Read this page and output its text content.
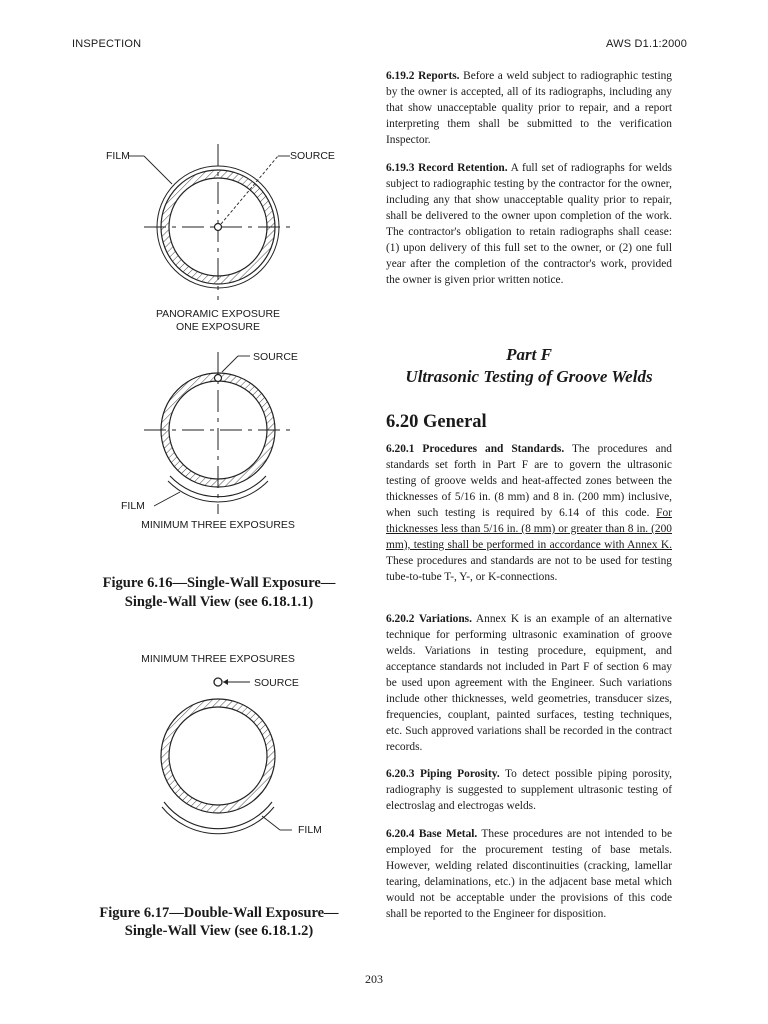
INSPECTION	AWS D1.1:2000
FILM	SOURCE
PANORAMIC EXPOSURE
ONE EXPOSURE
SOURCE
FILM
MINIMUM THREE EXPOSURES
Figure 6.16—Single-Wall Exposure—
Single-Wall View (see 6.18.1.1)
MINIMUM THREE EXPOSURES
SOURCE
FILM
Figure 6.17—Double-Wall Exposure—
Single-Wall View (see 6.18.1.2)

6.19.2 Reports. Before a weld subject to radiographic testing by the owner is accepted, all of its radiographs, including any that show unacceptable quality prior to repair, and a report interpreting them shall be submitted to the verification Inspector.

6.19.3 Record Retention. A full set of radiographs for welds subject to radiographic testing by the contractor for the owner, including any that show unacceptable quality prior to repair, shall be delivered to the owner upon completion of the work. The contractor's obligation to retain radiographs shall cease: (1) upon delivery of this full set to the owner, or (2) one full year after the completion of the contractor's work, provided the owner is given prior written notice.

Part F
Ultrasonic Testing of Groove Welds
6.20 General

6.20.1 Procedures and Standards. The procedures and standards set forth in Part F are to govern the ultrasonic testing of groove welds and heat-affected zones between the thicknesses of 5/16 in. (8 mm) and 8 in. (200 mm) inclusive, when such testing is required by 6.14 of this code. For thicknesses less than 5/16 in. (8 mm) or greater than 8 in. (200 mm), testing shall be performed in accordance with Annex K. These procedures and standards are not to be used for testing tube-to-tube T-, Y-, or K-connections.

6.20.2 Variations. Annex K is an example of an alternative technique for performing ultrasonic examination of groove welds. Variations in testing procedure, equipment, and acceptance standards not included in Part F of section 6 may be used upon agreement with the Engineer. Such variations include other thicknesses, weld geometries, transducer sizes, frequencies, couplant, painted surfaces, testing techniques, etc. Such approved variations shall be recorded in the contract records.

6.20.3 Piping Porosity. To detect possible piping porosity, radiography is suggested to supplement ultrasonic testing of electroslag and electrogas welds.

6.20.4 Base Metal. These procedures are not intended to be employed for the procurement testing of base metals. However, welding related discontinuities (cracking, lamellar tearing, delaminations, etc.) in the adjacent base metal which would not be acceptable under the provisions of this code shall be reported to the Engineer for disposition.

203
